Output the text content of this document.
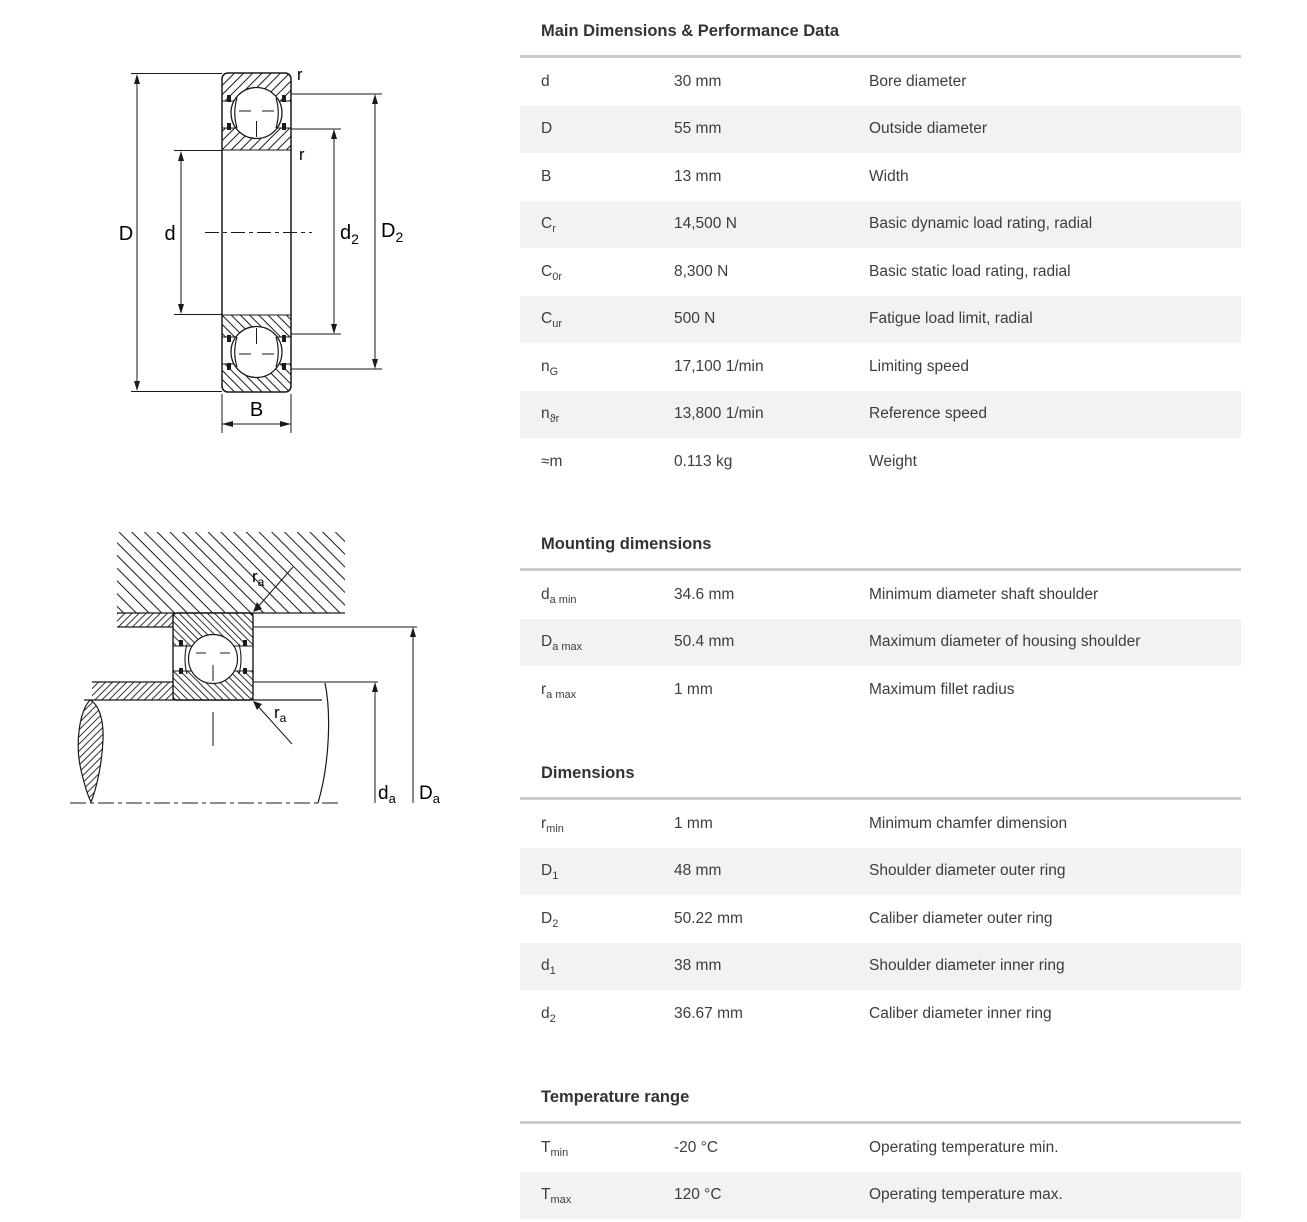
D d	$d_2$ $D_2$
r
r
B
$r_a$
$r_a$
$d_a$ $D_a$
Main Dimensions & Performance Data
d	30 mm	Bore diameter
D	55 mm	Outside diameter
B	13 mm	Width
$C_r$	14,500 N	Basic dynamic load rating, radial
$C_{0r}$	8,300 N	Basic static load rating, radial
$C_{ur}$	500 N	Fatigue load limit, radial
$n_G$	17,100 1/min	Limiting speed
$n_{ϑr}$	13,800 1/min	Reference speed
≈m	0.113 kg	Weight
Mounting dimensions
$d_{a min}$	34.6 mm	Minimum diameter shaft shoulder
$D_{a max}$	50.4 mm	Maximum diameter of housing shoulder
$r_{a max}$	1 mm	Maximum fillet radius
Dimensions
$r_{min}$	1 mm	Minimum chamfer dimension
$D_1$	48 mm	Shoulder diameter outer ring
$D_2$	50.22 mm	Caliber diameter outer ring
$d_1$	38 mm	Shoulder diameter inner ring
$d_2$	36.67 mm	Caliber diameter inner ring
Temperature range
$T_{min}$	-20 °C	Operating temperature min.
$T_{max}$	120 °C	Operating temperature max.
